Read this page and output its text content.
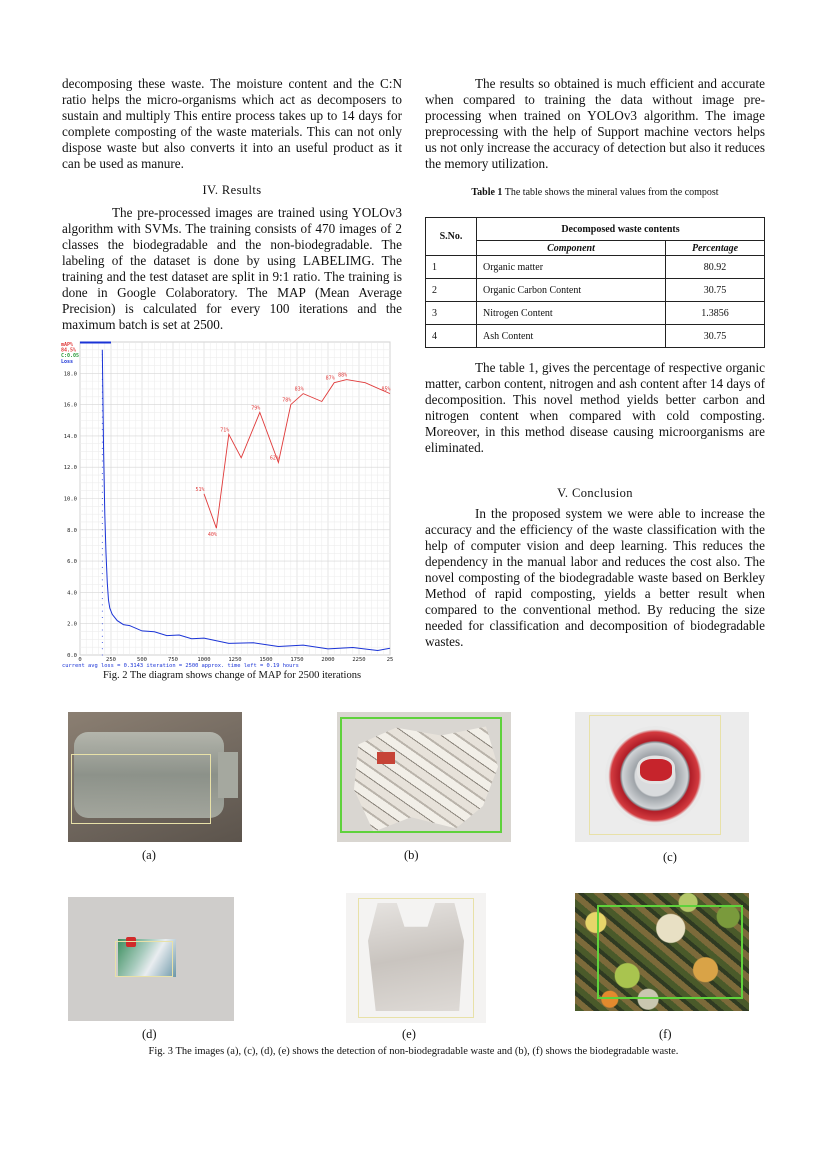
decomposing these waste. The moisture content and the C:N ratio helps the micro-organisms which act as decomposers to sustain and multiply This entire process takes up to 14 days for complete composting of the waste materials. This can not only dispose waste but also converts it into an useful product as it can be used as manure.

IV. Results

The pre-processed images are trained using YOLOv3 algorithm with SVMs. The training consists of 470 images of 2 classes the biodegradable and the non-biodegradable. The labeling of the dataset is done by using LABELIMG. The training and the test dataset are split in 9:1 ratio. The training is done in Google Colaboratory. The MAP (Mean Average Precision) is calculated for every 100 iterations and the maximum batch is set at 2500.

0.0
2.0
4.0
6.0
8.0
10.0
12.0
14.0
16.0
18.0
0	250	500	750	1000	1250	1500	1750	2000	2250	25
current avg loss = 0.3143 iteration = 2500 approx. time left = 0.19 hours
mAP%
84.5%
C:0.05
Loss
51%
40%
71%
79%
62%
78%
83%
87%
88%
85%
Fig. 2 The diagram shows change of MAP for 2500 iterations

The results so obtained is much efficient and accurate when compared to training the data without image pre-processing when trained on YOLOv3 algorithm. The image preprocessing with the help of Support machine vectors helps us not only increase the accuracy of detection but also it reduces the memory utilization.

Table 1 The table shows the mineral values from the compost
S.No.	Decomposed waste contents	
	Component	Percentage
1	Organic matter	80.92
2	Organic Carbon Content	30.75
3	Nitrogen Content	1.3856
4	Ash Content	30.75

The table 1, gives the percentage of respective organic matter, carbon content, nitrogen and ash content after 14 days of decomposition. This novel method yields better carbon and nitrogen content when compared with cold composting. Moreover, in this method disease causing microorganisms are eliminated.

V. Conclusion

In the proposed system we were able to increase the accuracy and the efficiency of the waste classification with the help of computer vision and deep learning. This reduces the dependency in the manual labor and reduces the cost also. The novel composting of the biodegradable waste based on Berkley Method of rapid composting, yields a better result when compared to the conventional method. By reducing the size needed for classification and decomposition of biodegradable wastes.

(a)	(b)	(c)
(d)	(e)	(f)
Fig. 3 The images (a), (c), (d), (e) shows the detection of non-biodegradable waste and (b), (f) shows the biodegradable waste.
